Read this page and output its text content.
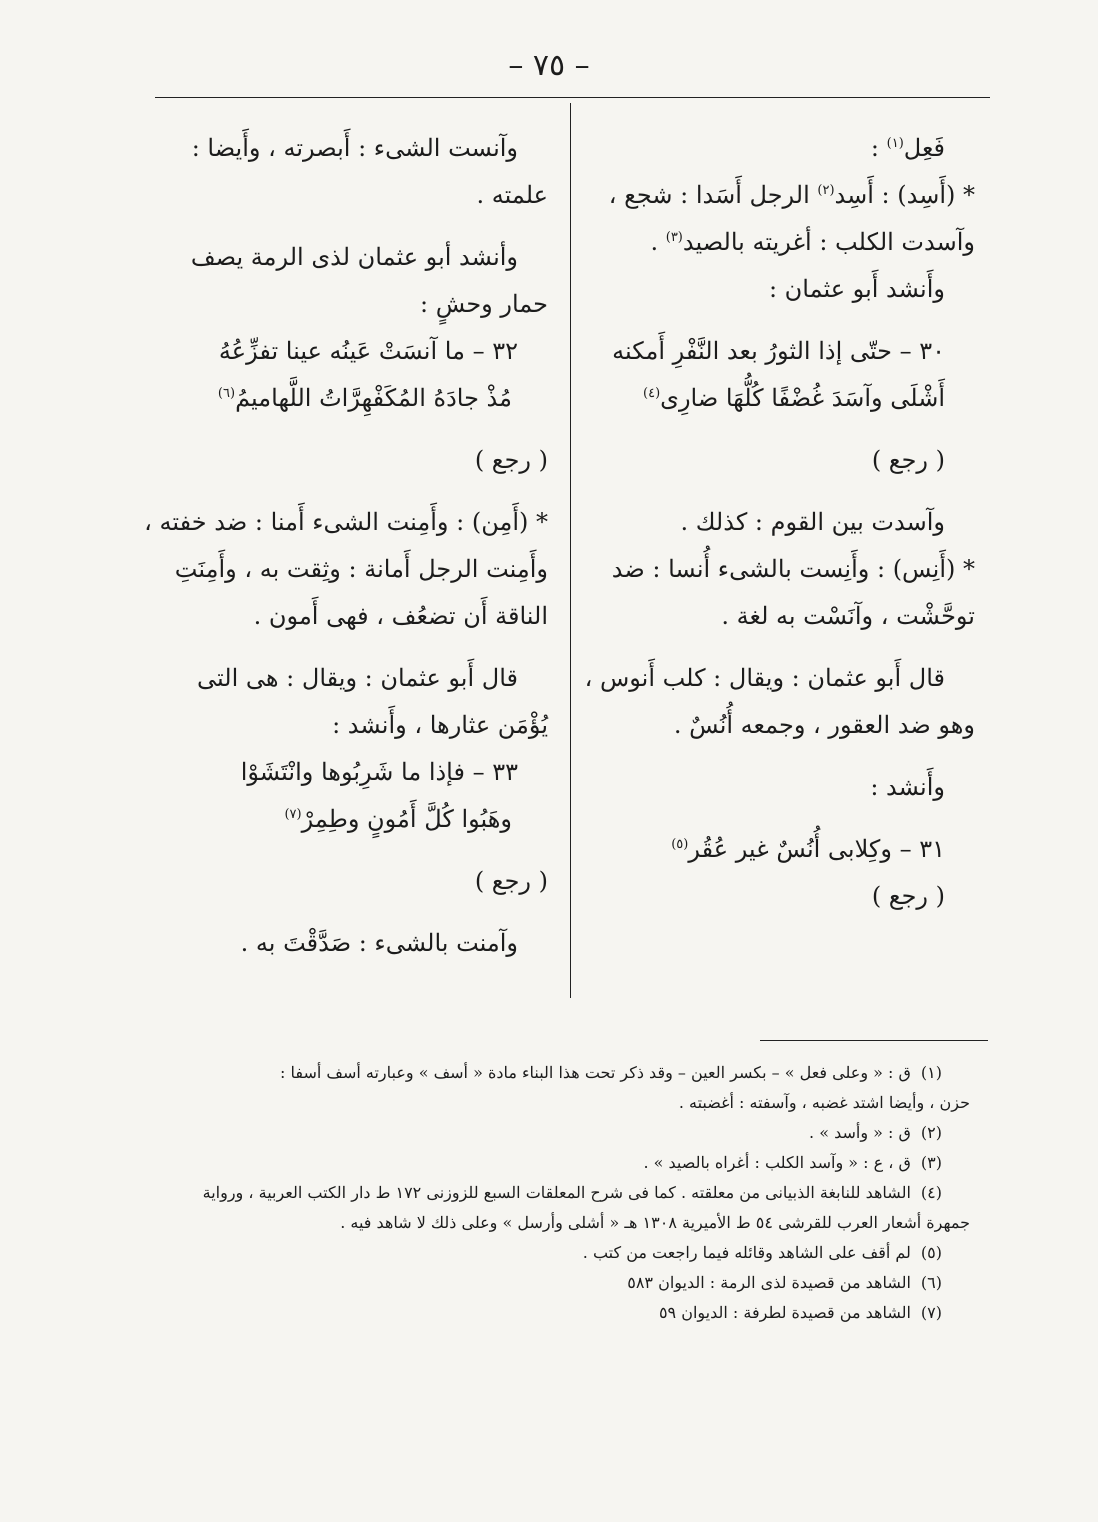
– ٧٥ –
فَعِل$^{(١)}$ :
* (أَسِد) : أَسِد$^{(٢)}$ الرجل أَسَدا : شجع ،
وآسدت الكلب : أغريته بالصيد$^{(٣)}$ .
وأَنشد أَبو عثمان :
٣٠ – حتّى إذا الثورُ بعد النَّفْرِ أَمكنه
أَشْلَى وآسَدَ غُضْفًا كُلُّهَا ضارِى$^{(٤)}$
( رجع )
وآسدت بين القوم : كذلك .
* (أَنِس) : وأَنِست بالشىء أُنسا : ضد
توحَّشْت ، وآنَسْت به لغة .
قال أَبو عثمان : ويقال : كلب أَنوس ،
وهو ضد العقور ، وجمعه أُنُسٌ .
وأَنشد :
٣١ – وكِلابى أُنُسٌ غير عُقُر$^{(٥)}$
( رجع )
وآنست الشىء : أَبصرته ، وأَيضا :
علمته .
وأنشد أبو عثمان لذى الرمة يصف
حمار وحشٍ :
٣٢ – ما آنسَتْ عَينُه عينا تفزِّعُهُ
مُذْ جادَهُ المُكَفْهِرَّاتُ اللَّهاميمُ$^{(٦)}$
( رجع )
* (أَمِن) : وأَمِنت الشىء أَمنا : ضد خفته ،
وأَمِنت الرجل أَمانة : وثِقت به ، وأَمِنَتِ
الناقة أَن تضعُف ، فهى أَمون .
قال أَبو عثمان : ويقال : هى التى
يُؤْمَن عثارها ، وأَنشد :
٣٣ – فإذا ما شَرِبُوها وانْتَشَوْا
وهَبُوا كُلَّ أَمُونٍ وطِمِرْ$^{(٧)}$
( رجع )
وآمنت بالشىء : صَدَّقْتَ به .
(١)ق : « وعلى فعل » – بكسر العين – وقد ذكر تحت هذا البناء مادة « أسف » وعبارته أسف أسفا :
حزن ، وأيضا اشتد غضبه ، وآسفته : أغضبته .
(٢)ق : « وأسد » .
(٣)ق ، ع : « وآسد الكلب : أغراه بالصيد » .
(٤)الشاهد للنابغة الذبيانى من معلقته . كما فى شرح المعلقات السبع للزوزنى ١٧٢ ط دار الكتب العربية ، ورواية
جمهرة أشعار العرب للقرشى ٥٤ ط الأميرية ١٣٠٨ هـ « أشلى وأرسل » وعلى ذلك لا شاهد فيه .
(٥)لم أقف على الشاهد وقائله فيما راجعت من كتب .
(٦)الشاهد من قصيدة لذى الرمة : الديوان ٥٨٣
(٧)الشاهد من قصيدة لطرفة : الديوان ٥٩
